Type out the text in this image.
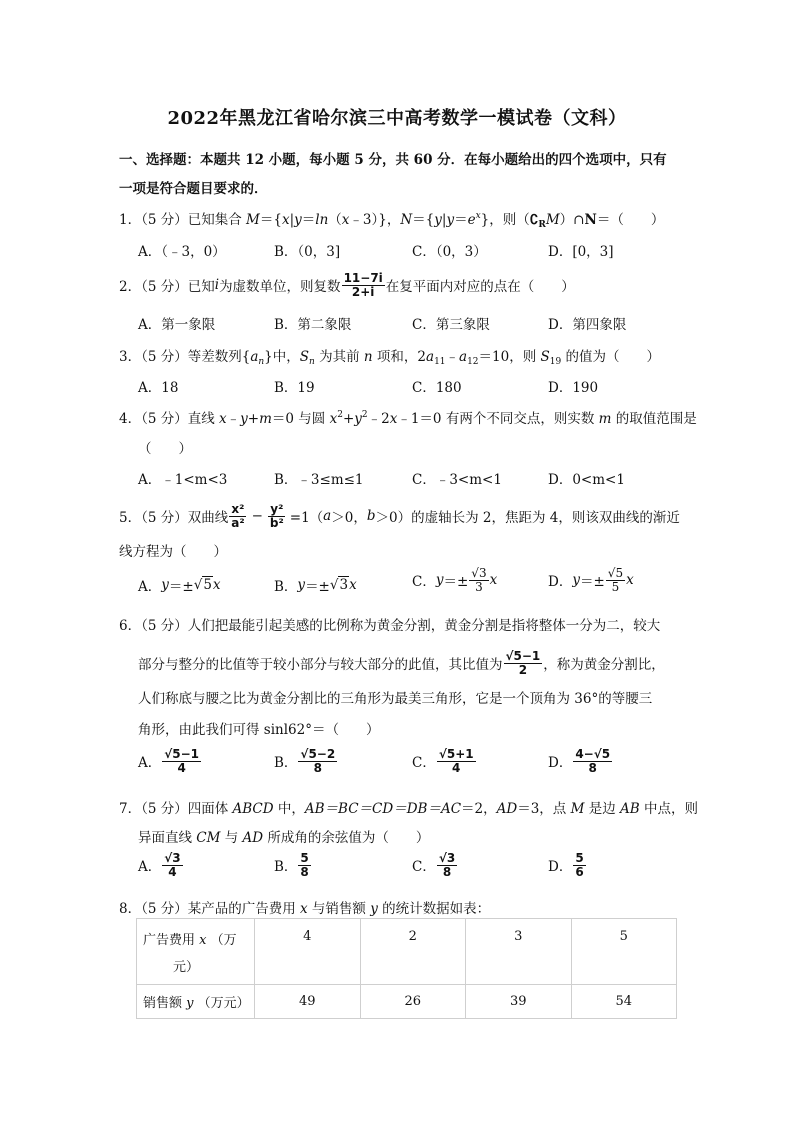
2022年黑龙江省哈尔滨三中高考数学一模试卷（文科）
一、选择题：本题共 12 小题，每小题 5 分，共 60 分．在每小题给出的四个选项中，只有
一项是符合题目要求的．
1．（5 分）已知集合 M＝{x|y＝ln（x﹣3）}，$N=\{y|y=e^x\}$，则$(∁_RM)\cap N=$（　　）
A．（﹣3，0）	B．（0，3]	C．（0，3）	D．[0，3]
2．（5 分）已知 i 为虚数单位，则复数 $\frac{11-7i}{2+i}$ 在复平面内对应的点在（　　）
A．第一象限	B．第二象限	C．第三象限	D．第四象限
3．（5 分）等差数列$\{a_n\}$中，$S_n$ 为其前 n 项和，$2a_{11}﹣a_{12}=10$，则 $S_{19}$ 的值为（　　）
A．18	B．19	C．180	D．190
4．（5 分）直线 x﹣y+m＝0 与圆 $x^2+y^2﹣2x﹣1=0$ 有两个不同交点，则实数 m 的取值范围是
（　　）
A．﹣1<m<3	B．﹣3≤m≤1	C．﹣3<m<1	D．0<m<1
5．（5 分）双曲线 $\frac{\text{x²}}{\text{a²}} - \frac{\text{y²}}{\text{b²}} =1$（ a ＞0， b ＞0）的虚轴长为 2，焦距为 4，则该双曲线的渐近
线方程为（　　）
A． y ＝± √5 x	B． y ＝± √3 x	C． $y =\pm \frac{√3}{3}$ x	D． $y =\pm \frac{√5}{5}$ x
6．（5 分）人们把最能引起美感的比例称为黄金分割，黄金分割是指将整体一分为二，较大
部分与整分的比值等于较小部分与较大部分的此值，其比值为 $\frac{√5-1}{2}$ ，称为黄金分割比，
人们称底与腰之比为黄金分割比的三角形为最美三角形，它是一个顶角为 36°的等腰三
角形，由此我们可得 sinl62°＝（　　）
A． $\frac{√5-1}{4}$	B． $\frac{√5-2}{8}$	C． $\frac{√5+1}{4}$	D． $\frac{4-√5}{8}$
7．（5 分）四面体 ABCD 中，AB＝BC＝CD＝DB＝AC＝2，AD＝3，点 M 是边 AB 中点，则
异面直线 CM 与 AD 所成角的余弦值为（　　）
A． $\frac{√3}{4}$	B． $\frac{5}{8}$	C． $\frac{√3}{8}$	D． $\frac{5}{6}$
8．（5 分）某产品的广告费用 x 与销售额 y 的统计数据如表：
广告费用 x （万
元）	4	2	3	5
销售额 y （万元）	49	26	39	54
